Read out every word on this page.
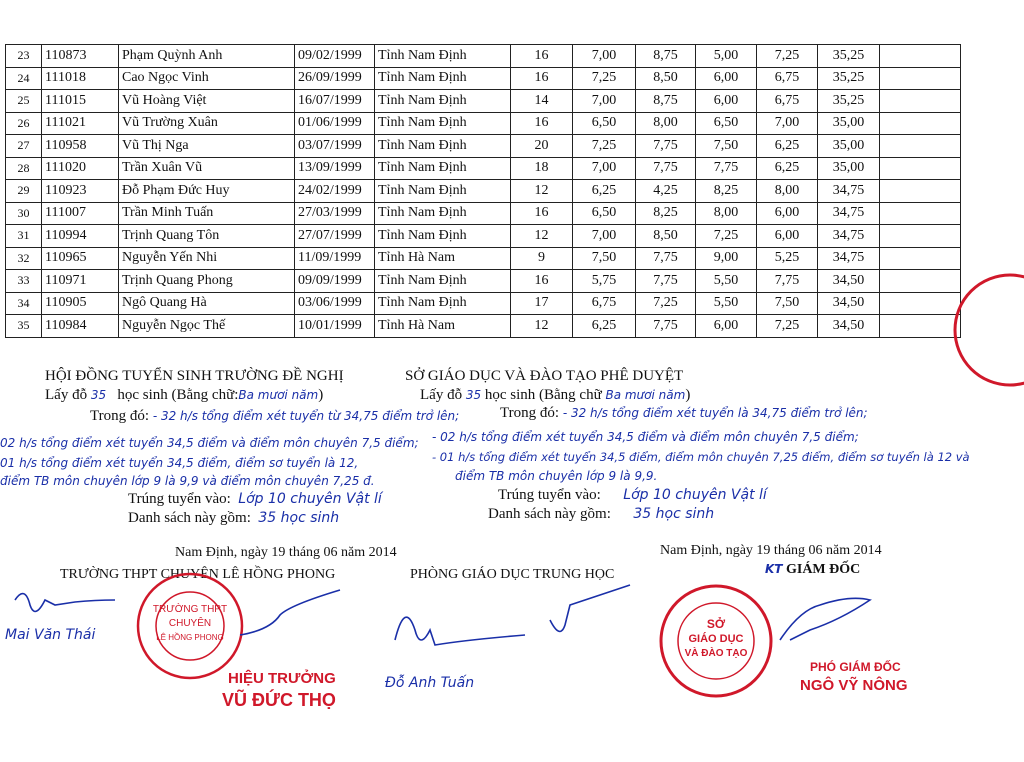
23	110873	Phạm Quỳnh Anh	09/02/1999	Tỉnh Nam Định	16	7,00	8,75	5,00	7,25	35,25	
24	111018	Cao Ngọc Vinh	26/09/1999	Tỉnh Nam Định	16	7,25	8,50	6,00	6,75	35,25	
25	111015	Vũ Hoàng Việt	16/07/1999	Tỉnh Nam Định	14	7,00	8,75	6,00	6,75	35,25	
26	111021	Vũ Trường Xuân	01/06/1999	Tỉnh Nam Định	16	6,50	8,00	6,50	7,00	35,00	
27	110958	Vũ Thị Nga	03/07/1999	Tỉnh Nam Định	20	7,25	7,75	7,50	6,25	35,00	
28	111020	Trần Xuân Vũ	13/09/1999	Tỉnh Nam Định	18	7,00	7,75	7,75	6,25	35,00	
29	110923	Đỗ Phạm Đức Huy	24/02/1999	Tỉnh Nam Định	12	6,25	4,25	8,25	8,00	34,75	
30	111007	Trần Minh Tuấn	27/03/1999	Tỉnh Nam Định	16	6,50	8,25	8,00	6,00	34,75	
31	110994	Trịnh Quang Tôn	27/07/1999	Tỉnh Nam Định	12	7,00	8,50	7,25	6,00	34,75	
32	110965	Nguyễn Yến Nhi	11/09/1999	Tỉnh Hà Nam	9	7,50	7,75	9,00	5,25	34,75	
33	110971	Trịnh Quang Phong	09/09/1999	Tỉnh Nam Định	16	5,75	7,75	5,50	7,75	34,50	
34	110905	Ngô Quang Hà	03/06/1999	Tỉnh Nam Định	17	6,75	7,25	5,50	7,50	34,50	
35	110984	Nguyễn Ngọc Thế	10/01/1999	Tỉnh Hà Nam	12	6,25	7,75	6,00	7,25	34,50	
HỘI ĐỒNG TUYỂN SINH TRƯỜNG ĐỀ NGHỊ
Lấy đỗ 35 học sinh (Bằng chữ:Ba mươi năm)
Trong đó: - 32 h/s tổng điểm xét tuyển từ 34,75 điểm trở lên;
02 h/s tổng điểm xét tuyển 34,5 điểm và điểm môn chuyên 7,5 điểm;
01 h/s tổng điểm xét tuyển 34,5 điểm, điểm sơ tuyển là 12,
điểm TB môn chuyên lớp 9 là 9,9 và điểm môn chuyên 7,25 đ.
Trúng tuyển vào: Lớp 10 chuyên Vật lí
Danh sách này gồm: 35 học sinh
SỞ GIÁO DỤC VÀ ĐÀO TẠO PHÊ DUYỆT
Lấy đỗ 35 học sinh (Bằng chữ Ba mươi năm)
Trong đó: - 32 h/s tổng điểm xét tuyển là 34,75 điểm trở lên;
- 02 h/s tổng điểm xét tuyển 34,5 điểm và điểm môn chuyên 7,5 điểm;
- 01 h/s tổng điểm xét tuyển 34,5 điểm, điểm môn chuyên 7,25 điểm, điểm sơ tuyển là 12 và
điểm TB môn chuyên lớp 9 là 9,9.
Trúng tuyển vào: Lớp 10 chuyên Vật lí
Danh sách này gồm: 35 học sinh
Nam Định, ngày 19 tháng 06 năm 2014
TRƯỜNG THPT CHUYÊN LÊ HỒNG PHONG	PHÒNG GIÁO DỤC TRUNG HỌC
Nam Định, ngày 19 tháng 06 năm 2014
KT GIÁM ĐỐC
Mai Văn Thái
HIỆU TRƯỞNG
VŨ ĐỨC THỌ
Đỗ Anh Tuấn
PHÓ GIÁM ĐỐC
NGÔ VỸ NÔNG
TRƯỜNG THPT
CHUYÊN
LÊ HỒNG PHONG
SỞ
GIÁO DỤC
VÀ ĐÀO TẠO
